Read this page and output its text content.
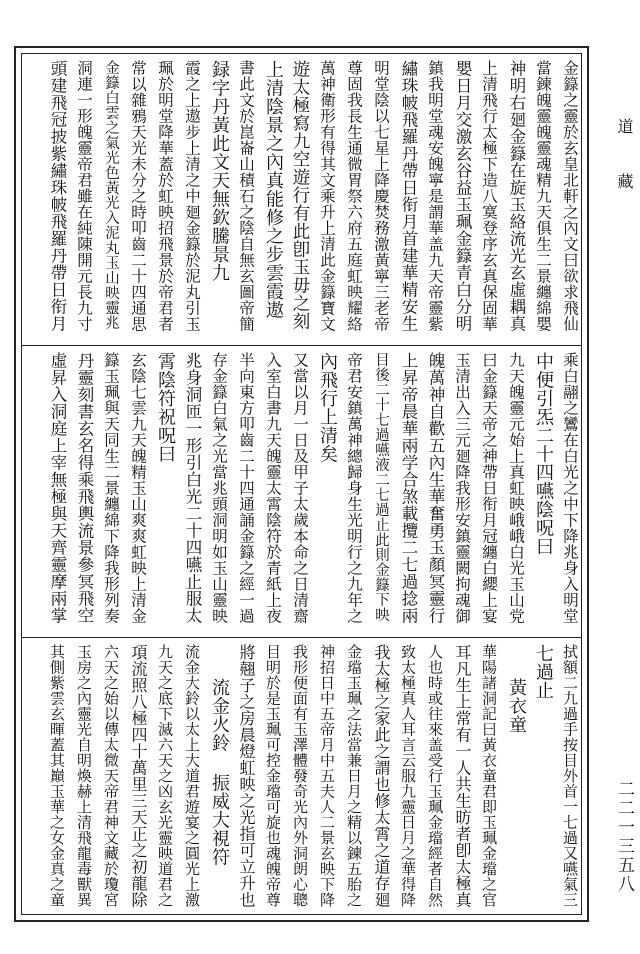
道 藏
二二一三五八
金籙之靈於玄皇北軒之內文曰欲求飛仙
當鍊魄靈魄靈魂精九天俱生二景纏綿嬰
神明右廻金籙在旋玉絡流光玄虛耦真
上清飛行太極下造八寞登序玄真保固華
嬰日月交激玄谷益玉珮金籙青白分明
鎮我明堂魂安魄寧是謂華盖九天帝靈紫
繡珠帔飛羅丹帶日衔月首建華精安生
明堂陰以七星上降慶焚務激黃寧三老帝
尊固我長生通微胃祭六府五庭虹映耀絡
萬神衛形有得其文乘升上清此金籙寶文
遊太極寫九空遊行有此卽玉毋之刻
上清陰景之內真能修之步雲霞遨
書此文於崑崙山積石之陰自無玄圖帝簡
録字丹黃此文天無欽騰景九
霞之上遨步上清之中廻金籙於泥丸引玉
珮於明堂降華蓋於虹映招飛景於帝君者
常以雜鴉天光未分之時叩齒二十四通思
金籙白雲之氣光色黃光入泥丸玉山映靈兆
洞連一形魄靈帝君雖在純陳開元長九寸
頭建飛冠披紫繡珠帔飛羅丹帶日衔月
乘白翮之鸞在白光之中下降兆身入明堂
中便引炁二十四嚥陰呪曰
九天魄靈元始上真虹映峨峨白光玉山党
曰金籙天帝之神帶日衔月冠纏白纓上宴
玉清出入三元廻降我形安鎮靈闕拘魂御
魄萬神自歡五內生華奮勇玉顏冥靈行
上昇帝晨華兩学合煞載攬二七過捻兩
目後二十七過嚥液二七過止此則金籙下映
帝君安鎮萬神總歸身生光明行之九年之
內飛行上清矣
又當以月一日及甲子太歲本命之日清齋
入室白書九天魄靈太霄陰符於青紙上夜
半向東方叩齒二十四通誦金籙之經一過
存金籙白氣之光當兆頭洞明如玉山靈映
兆身洞匝一形引白光二十四嚥止服太
霄陰符祝呪曰
玄陰七雲九天魄精玉山爽爽虹映上清金
籙玉珮與天同生二景纏綿下降我形列奏
丹靈刻書玄名得乘飛輿流景參冥飛空
虛昇入洞庭上宰無極與天齊靈摩兩掌
拭額二九過手按目外首一七過又嚥氣三
七過止
黃衣童
華陽諸洞記曰黃衣童君即玉珮金璫之官
耳凡生上常有一人共生昉者卽太極真
人也時或往來盖受行玉珮金璫經者自然
致太極真人耳言云服九靈日月之華得降
我太極之家此之謂也修太霄之道存廻
金璫玉珮之法當兼日月之精以鍊五胎之
神招日中五帝月中五夫人二景玄映下降
我形便面有玉澤體發奇光內外洞朗心聰
目明於是玉珮可控金璫可旋也魂魄帝尊
將翹子之房晨燈虹映之光指可立升也
流金火鈴 振威大視符
流金大鈴以太上大道君遊宴之圓光上激
九天之底下滅六天之凶玄光靈映道君之
項流照八極四十萬里三天正之初龍除
六天之始以傳太微天帝君神文藏於瓊宮
玉房之內靈光自明煥赫上清飛龍毒獸異
其側紫雲玄暉蓋其巔玉華之女金真之童
